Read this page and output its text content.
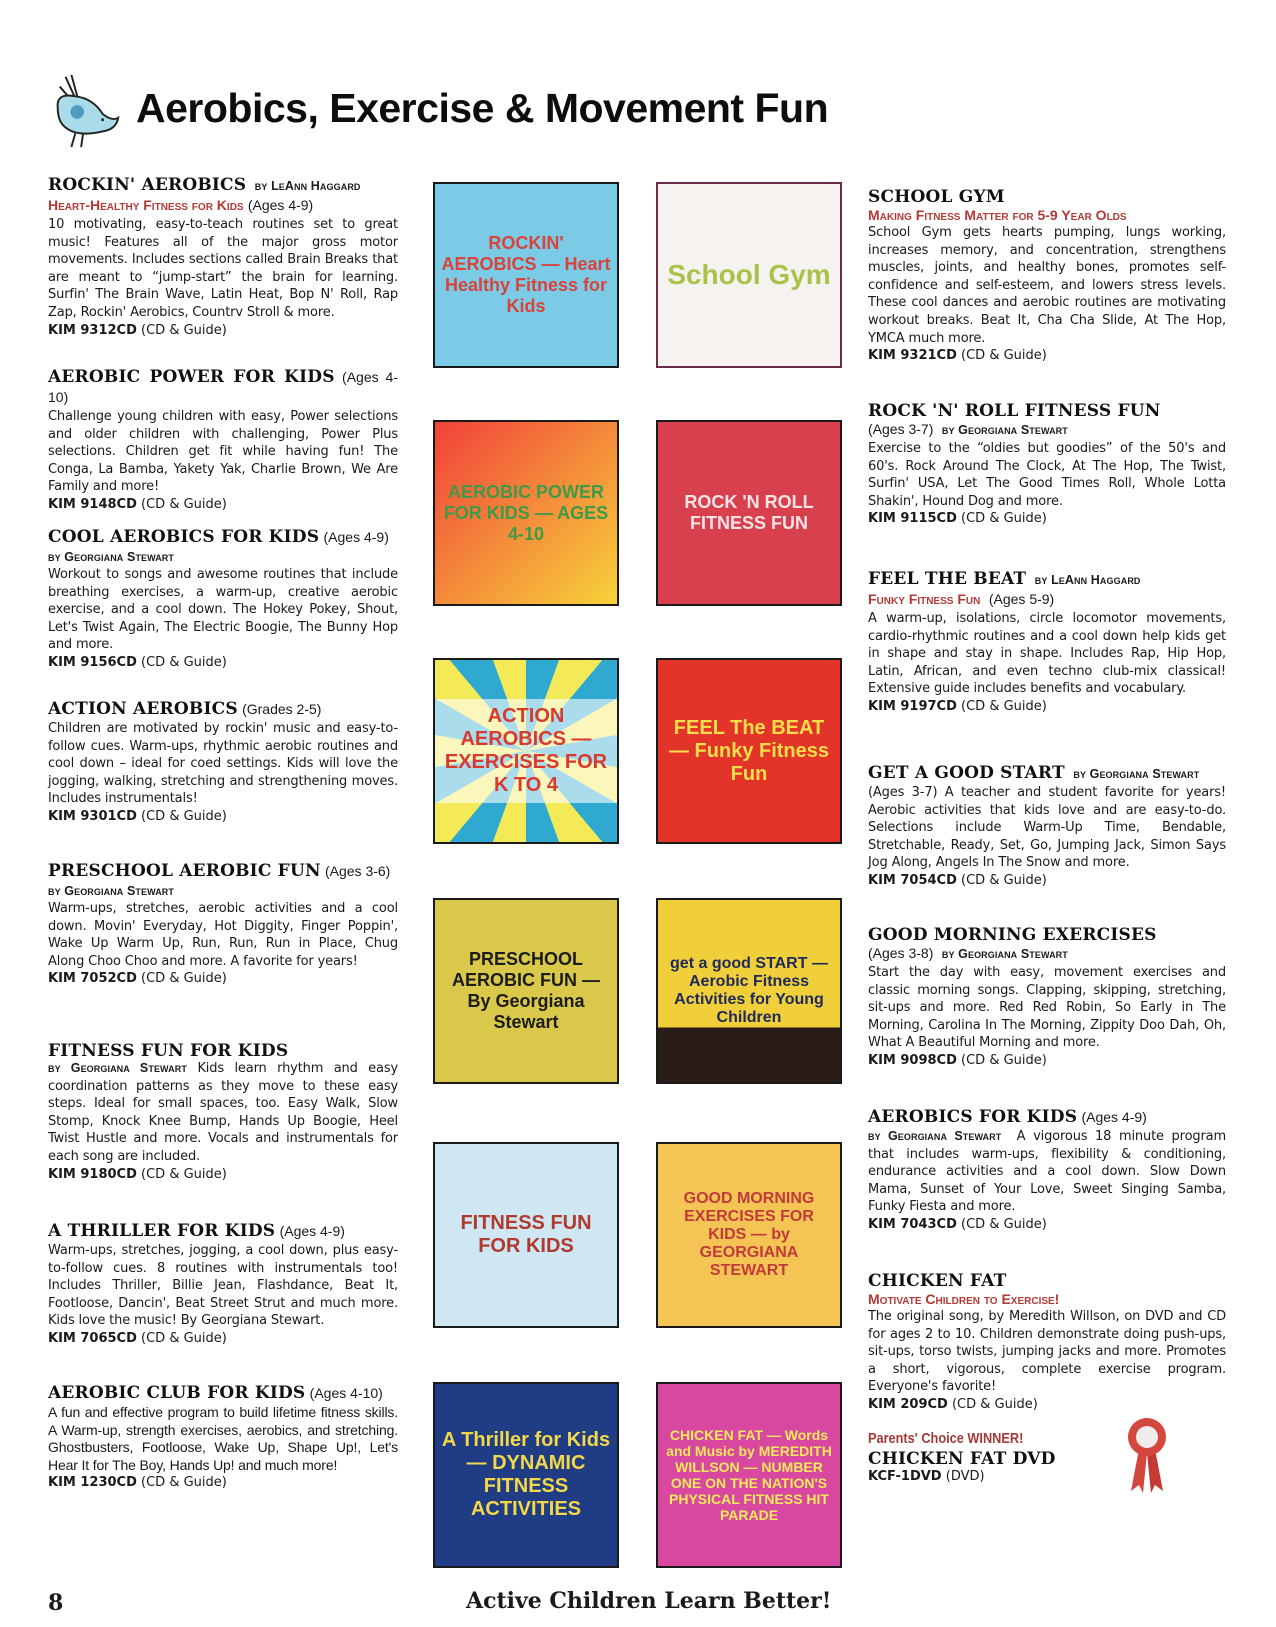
Aerobics, Exercise & Movement Fun
ROCKIN' AEROBICS by LeAnn Haggard
Heart-Healthy Fitness for Kids (Ages 4-9)
10 motivating, easy-to-teach routines set to great music! Features all of the major gross motor movements. Includes sections called Brain Breaks that are meant to “jump-start” the brain for learning. Surfin' The Brain Wave, Latin Heat, Bop N' Roll, Rap Zap, Rockin' Aerobics, Countrv Stroll & more.
KIM 9312CD (CD & Guide)
AEROBIC POWER FOR KIDS (Ages 4-10)
Challenge young children with easy, Power selections and older children with challenging, Power Plus selections. Children get fit while having fun! The Conga, La Bamba, Yakety Yak, Charlie Brown, We Are Family and more!
KIM 9148CD (CD & Guide)
COOL AEROBICS FOR KIDS (Ages 4-9)
by Georgiana Stewart
Workout to songs and awesome routines that include breathing exercises, a warm-up, creative aerobic exercise, and a cool down. The Hokey Pokey, Shout, Let's Twist Again, The Electric Boogie, The Bunny Hop and more.
KIM 9156CD (CD & Guide)
ACTION AEROBICS (Grades 2-5)
Children are motivated by rockin' music and easy-to-follow cues. Warm-ups, rhythmic aerobic routines and cool down – ideal for coed settings. Kids will love the jogging, walking, stretching and strengthening moves. Includes instrumentals!
KIM 9301CD (CD & Guide)
PRESCHOOL AEROBIC FUN (Ages 3-6)
by Georgiana Stewart
Warm-ups, stretches, aerobic activities and a cool down. Movin' Everyday, Hot Diggity, Finger Poppin', Wake Up Warm Up, Run, Run, Run in Place, Chug Along Choo Choo and more. A favorite for years!
KIM 7052CD (CD & Guide)
FITNESS FUN FOR KIDS
by Georgiana Stewart Kids learn rhythm and easy coordination patterns as they move to these easy steps. Ideal for small spaces, too. Easy Walk, Slow Stomp, Knock Knee Bump, Hands Up Boogie, Heel Twist Hustle and more. Vocals and instrumentals for each song are included.
KIM 9180CD (CD & Guide)
A THRILLER FOR KIDS (Ages 4-9)
Warm-ups, stretches, jogging, a cool down, plus easy-to-follow cues. 8 routines with instrumentals too! Includes Thriller, Billie Jean, Flashdance, Beat It, Footloose, Dancin', Beat Street Strut and much more. Kids love the music! By Georgiana Stewart.
KIM 7065CD (CD & Guide)
AEROBIC CLUB FOR KIDS (Ages 4-10)
A fun and effective program to build lifetime fitness skills. A Warm-up, strength exercises, aerobics, and stretching. Ghostbusters, Footloose, Wake Up, Shape Up!, Let's Hear It for The Boy, Hands Up! and much more!
KIM 1230CD (CD & Guide)
ROCKIN' AEROBICS — Heart Healthy Fitness for Kids
School Gym
AEROBIC POWER FOR KIDS — AGES 4-10
ROCK 'N ROLL FITNESS FUN
ACTION AEROBICS — EXERCISES FOR K TO 4
FEEL The BEAT — Funky Fitness Fun
PRESCHOOL AEROBIC FUN — By Georgiana Stewart
get a good START — Aerobic Fitness Activities for Young Children
FITNESS FUN FOR KIDS
GOOD MORNING EXERCISES FOR KIDS — by GEORGIANA STEWART
A Thriller for Kids — DYNAMIC FITNESS ACTIVITIES
CHICKEN FAT — Words and Music by MEREDITH WILLSON — NUMBER ONE ON THE NATION'S PHYSICAL FITNESS HIT PARADE
SCHOOL GYM
Making Fitness Matter for 5-9 Year Olds
School Gym gets hearts pumping, lungs working, increases memory, and concentration, strengthens muscles, joints, and healthy bones, promotes self-confidence and self-esteem, and lowers stress levels. These cool dances and aerobic routines are motivating workout breaks. Beat It, Cha Cha Slide, At The Hop, YMCA much more.
KIM 9321CD (CD & Guide)
ROCK 'N' ROLL FITNESS FUN
(Ages 3-7) by Georgiana Stewart
Exercise to the “oldies but goodies” of the 50's and 60's. Rock Around The Clock, At The Hop, The Twist, Surfin' USA, Let The Good Times Roll, Whole Lotta Shakin', Hound Dog and more.
KIM 9115CD (CD & Guide)
FEEL THE BEAT by LeAnn Haggard
Funky Fitness Fun (Ages 5-9)
A warm-up, isolations, circle locomotor movements, cardio-rhythmic routines and a cool down help kids get in shape and stay in shape. Includes Rap, Hip Hop, Latin, African, and even techno club-mix classical! Extensive guide includes benefits and vocabulary.
KIM 9197CD (CD & Guide)
GET A GOOD START by Georgiana Stewart
(Ages 3-7) A teacher and student favorite for years! Aerobic activities that kids love and are easy-to-do. Selections include Warm-Up Time, Bendable, Stretchable, Ready, Set, Go, Jumping Jack, Simon Says Jog Along, Angels In The Snow and more.
KIM 7054CD (CD & Guide)
GOOD MORNING EXERCISES
(Ages 3-8) by Georgiana Stewart
Start the day with easy, movement exercises and classic morning songs. Clapping, skipping, stretching, sit-ups and more. Red Red Robin, So Early in The Morning, Carolina In The Morning, Zippity Doo Dah, Oh, What A Beautiful Morning and more.
KIM 9098CD (CD & Guide)
AEROBICS FOR KIDS (Ages 4-9)
by Georgiana Stewart A vigorous 18 minute program that includes warm-ups, flexibility & conditioning, endurance activities and a cool down. Slow Down Mama, Sunset of Your Love, Sweet Singing Samba, Funky Fiesta and more.
KIM 7043CD (CD & Guide)
CHICKEN FAT
Motivate Children to Exercise!
The original song, by Meredith Willson, on DVD and CD for ages 2 to 10. Children demonstrate doing push-ups, sit-ups, torso twists, jumping jacks and more. Promotes a short, vigorous, complete exercise program. Everyone's favorite!
KIM 209CD (CD & Guide)
Parents' Choice WINNER!
CHICKEN FAT DVD
KCF-1DVD (DVD)
8	Active Children Learn Better!
